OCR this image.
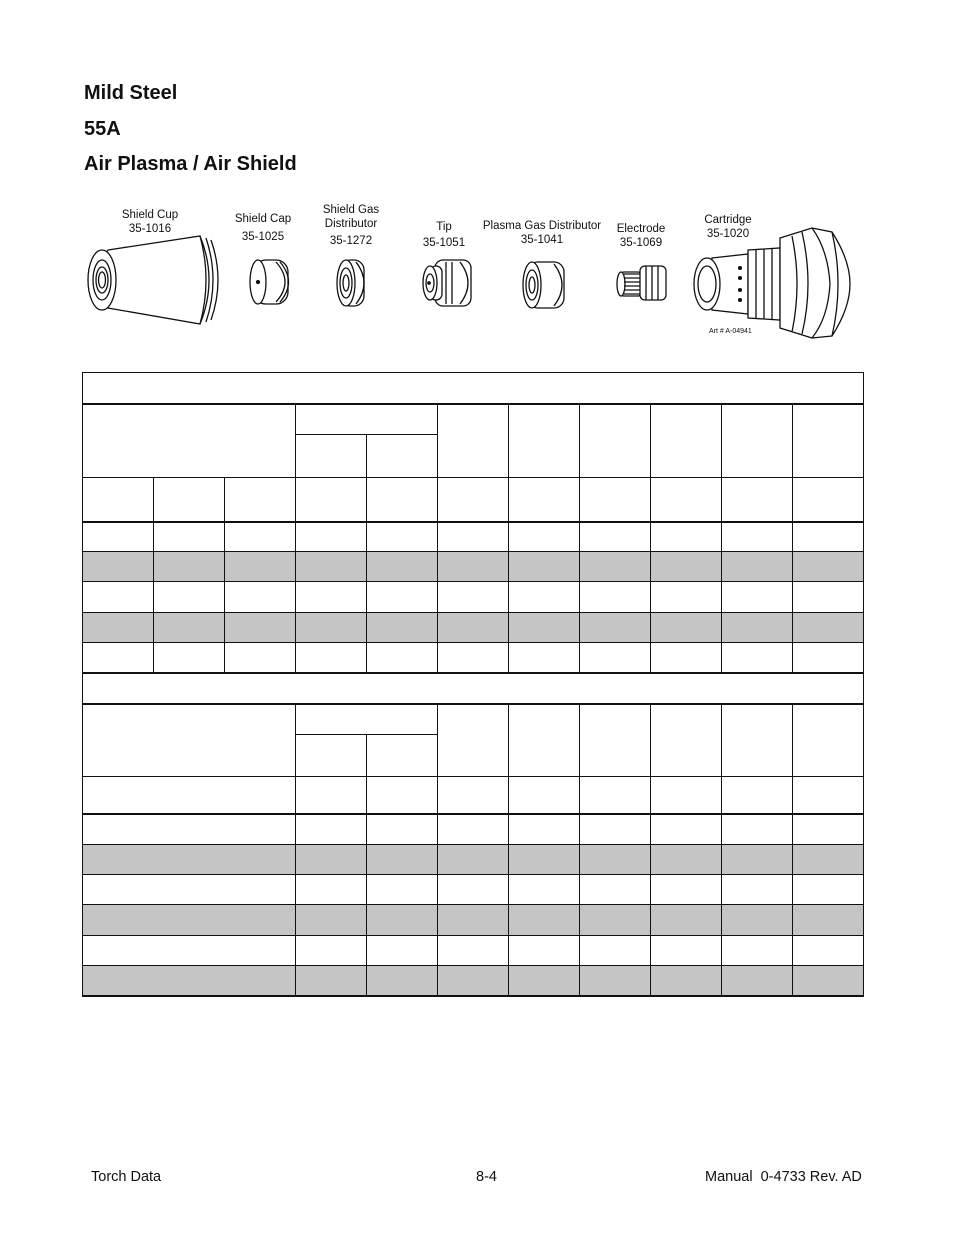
Mild Steel
55A
Air Plasma / Air Shield
Shield Cup
35-1016
Shield Cap
35-1025
Shield Gas
Distributor
35-1272
Tip
35-1051
Plasma Gas Distributor
35-1041
Electrode
35-1069
Cartridge
35-1020
Art # A-04941

Torch Data	8-4	Manual  0-4733 Rev. AD
